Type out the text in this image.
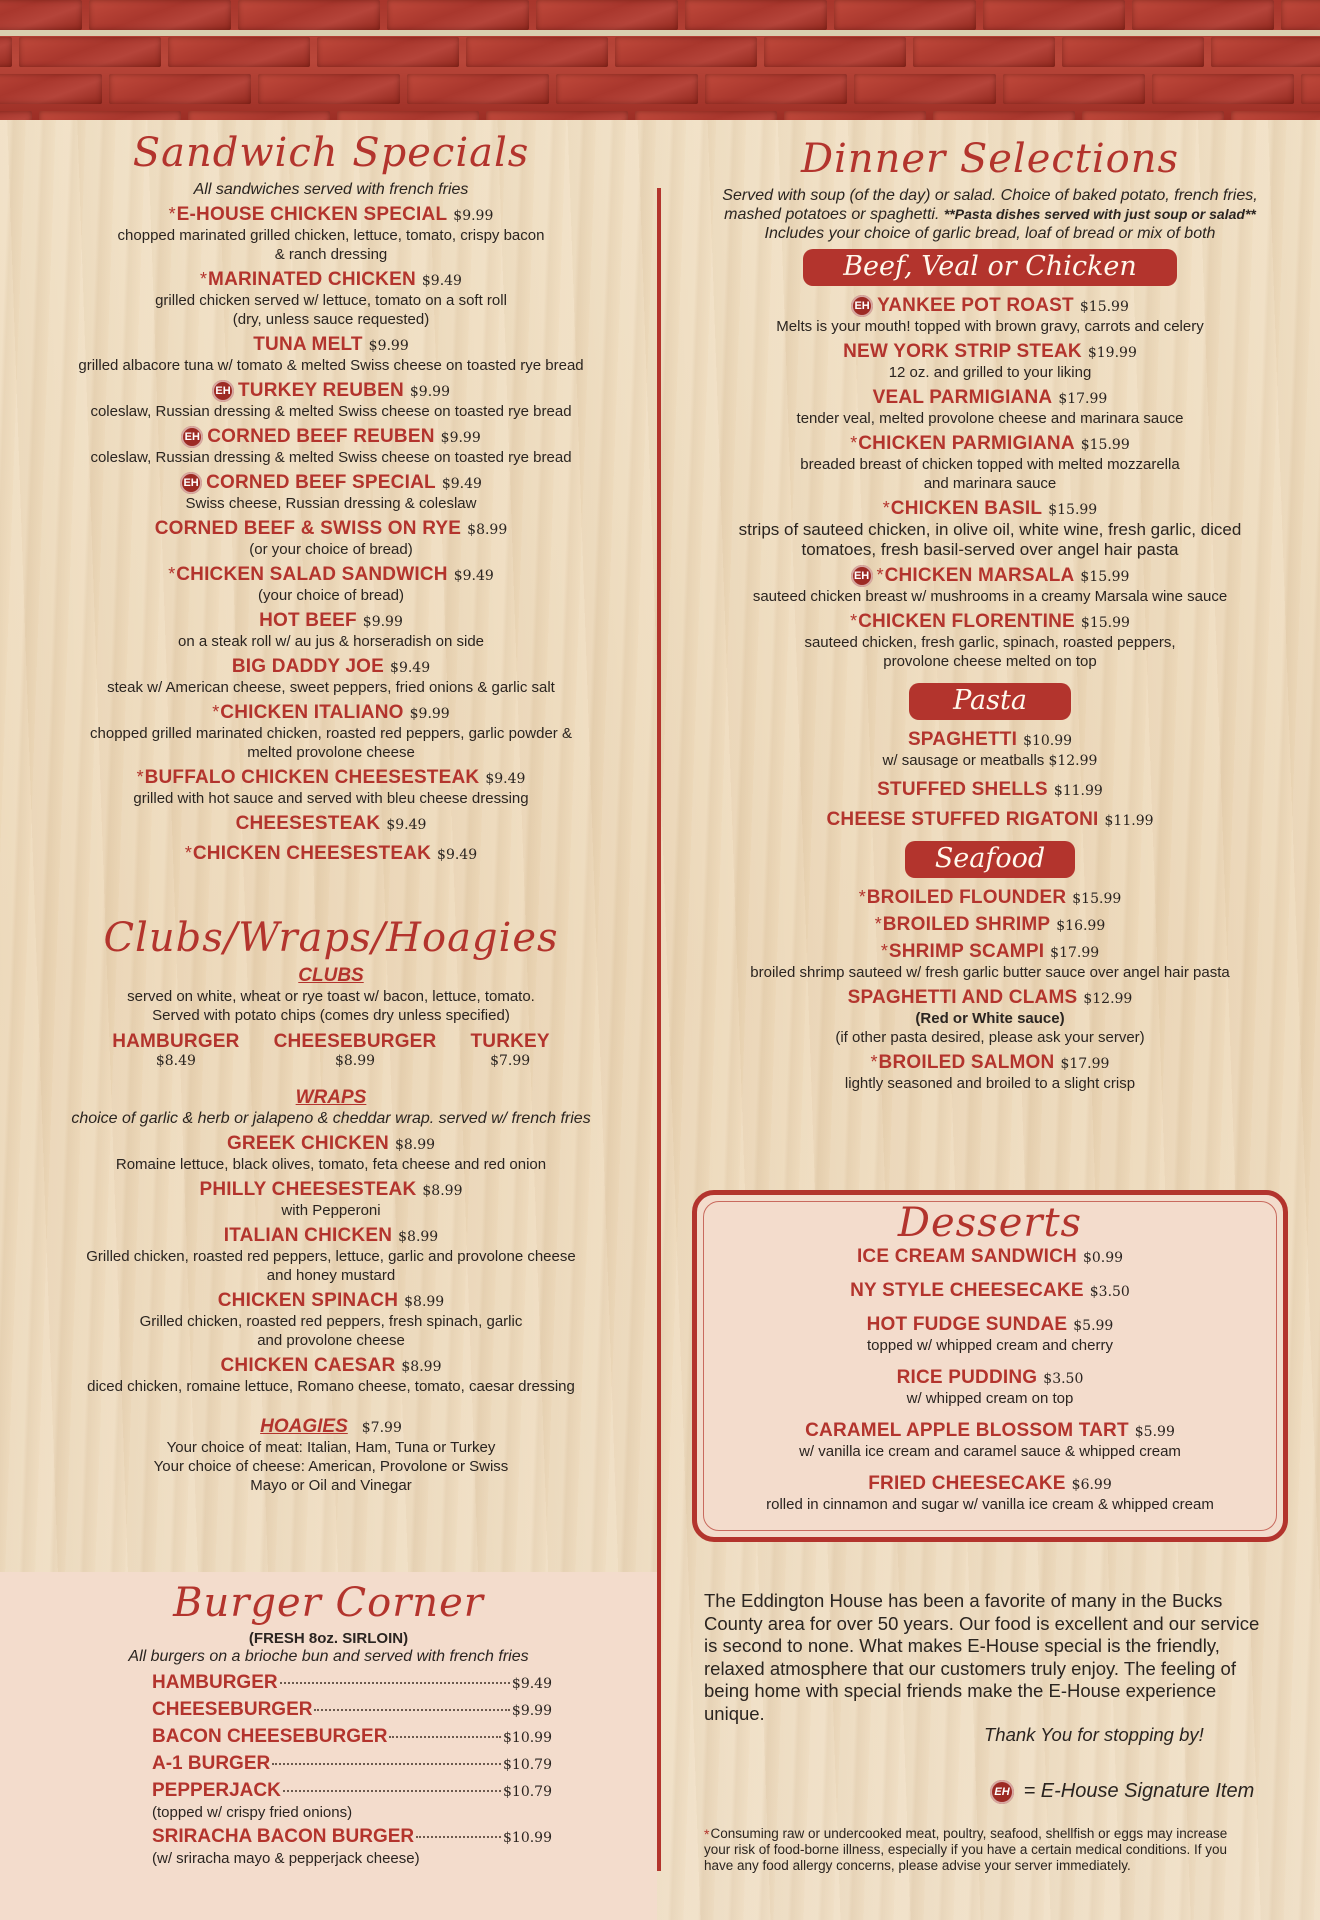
Sandwich Specials
All sandwiches served with french fries
*E-HOUSE CHICKEN SPECIAL $9.99
chopped marinated grilled chicken, lettuce, tomato, crispy bacon
& ranch dressing
*MARINATED CHICKEN $9.49
grilled chicken served w/ lettuce, tomato on a soft roll
(dry, unless sauce requested)
TUNA MELT $9.99
grilled albacore tuna w/ tomato & melted Swiss cheese on toasted rye bread
EH TURKEY REUBEN $9.99
coleslaw, Russian dressing & melted Swiss cheese on toasted rye bread
EH CORNED BEEF REUBEN $9.99
coleslaw, Russian dressing & melted Swiss cheese on toasted rye bread
EH CORNED BEEF SPECIAL $9.49
Swiss cheese, Russian dressing & coleslaw
CORNED BEEF & SWISS ON RYE $8.99
(or your choice of bread)
*CHICKEN SALAD SANDWICH $9.49
(your choice of bread)
HOT BEEF $9.99
on a steak roll w/ au jus & horseradish on side
BIG DADDY JOE $9.49
steak w/ American cheese, sweet peppers, fried onions & garlic salt
*CHICKEN ITALIANO $9.99
chopped grilled marinated chicken, roasted red peppers, garlic powder &
melted provolone cheese
*BUFFALO CHICKEN CHEESESTEAK $9.49
grilled with hot sauce and served with bleu cheese dressing
CHEESESTEAK $9.49
*CHICKEN CHEESESTEAK $9.49
Clubs/Wraps/Hoagies
CLUBS
served on white, wheat or rye toast w/ bacon, lettuce, tomato.
Served with potato chips (comes dry unless specified)
HAMBURGER
$8.49
CHEESEBURGER
$8.99
TURKEY
$7.99
WRAPS
choice of garlic & herb or jalapeno & cheddar wrap. served w/ french fries
GREEK CHICKEN $8.99
Romaine lettuce, black olives, tomato, feta cheese and red onion
PHILLY CHEESESTEAK $8.99
with Pepperoni
ITALIAN CHICKEN $8.99
Grilled chicken, roasted red peppers, lettuce, garlic and provolone cheese
and honey mustard
CHICKEN SPINACH $8.99
Grilled chicken, roasted red peppers, fresh spinach, garlic
and provolone cheese
CHICKEN CAESAR $8.99
diced chicken, romaine lettuce, Romano cheese, tomato, caesar dressing
HOAGIES $7.99
Your choice of meat: Italian, Ham, Tuna or Turkey
Your choice of cheese: American, Provolone or Swiss
Mayo or Oil and Vinegar
Burger Corner
(FRESH 8oz. SIRLOIN)
All burgers on a brioche bun and served with french fries
HAMBURGER	$9.49
CHEESEBURGER	$9.99
BACON CHEESEBURGER	$10.99
A-1 BURGER	$10.79
PEPPERJACK	$10.79
(topped w/ crispy fried onions)
SRIRACHA BACON BURGER	$10.99
(w/ sriracha mayo & pepperjack cheese)
Dinner Selections
Served with soup (of the day) or salad. Choice of baked potato, french fries,
mashed potatoes or spaghetti. **Pasta dishes served with just soup or salad**
Includes your choice of garlic bread, loaf of bread or mix of both
Beef, Veal or Chicken
EH YANKEE POT ROAST $15.99
Melts is your mouth! topped with brown gravy, carrots and celery
NEW YORK STRIP STEAK $19.99
12 oz. and grilled to your liking
VEAL PARMIGIANA $17.99
tender veal, melted provolone cheese and marinara sauce
*CHICKEN PARMIGIANA $15.99
breaded breast of chicken topped with melted mozzarella
and marinara sauce
*CHICKEN BASIL $15.99
strips of sauteed chicken, in olive oil, white wine, fresh garlic, diced
tomatoes, fresh basil-served over angel hair pasta
EH *CHICKEN MARSALA $15.99
sauteed chicken breast w/ mushrooms in a creamy Marsala wine sauce
*CHICKEN FLORENTINE $15.99
sauteed chicken, fresh garlic, spinach, roasted peppers,
provolone cheese melted on top
Pasta
SPAGHETTI $10.99
w/ sausage or meatballs $12.99
STUFFED SHELLS $11.99
CHEESE STUFFED RIGATONI $11.99
Seafood
*BROILED FLOUNDER $15.99
*BROILED SHRIMP $16.99
*SHRIMP SCAMPI $17.99
broiled shrimp sauteed w/ fresh garlic butter sauce over angel hair pasta
SPAGHETTI AND CLAMS $12.99
(Red or White sauce)
(if other pasta desired, please ask your server)
*BROILED SALMON $17.99
lightly seasoned and broiled to a slight crisp
Desserts
ICE CREAM SANDWICH $0.99
NY STYLE CHEESECAKE $3.50
HOT FUDGE SUNDAE $5.99
topped w/ whipped cream and cherry
RICE PUDDING $3.50
w/ whipped cream on top
CARAMEL APPLE BLOSSOM TART $5.99
w/ vanilla ice cream and caramel sauce & whipped cream
FRIED CHEESECAKE $6.99
rolled in cinnamon and sugar w/ vanilla ice cream & whipped cream
The Eddington House has been a favorite of many in the Bucks County area for over 50 years. Our food is excellent and our service is second to none. What makes E-House special is the friendly, relaxed atmosphere that our customers truly enjoy. The feeling of being home with special friends make the E-House experience unique.
Thank You for stopping by!
EH = E-House Signature Item
*Consuming raw or undercooked meat, poultry, seafood, shellfish or eggs may increase your risk of food-borne illness, especially if you have a certain medical conditions. If you have any food allergy concerns, please advise your server immediately.
